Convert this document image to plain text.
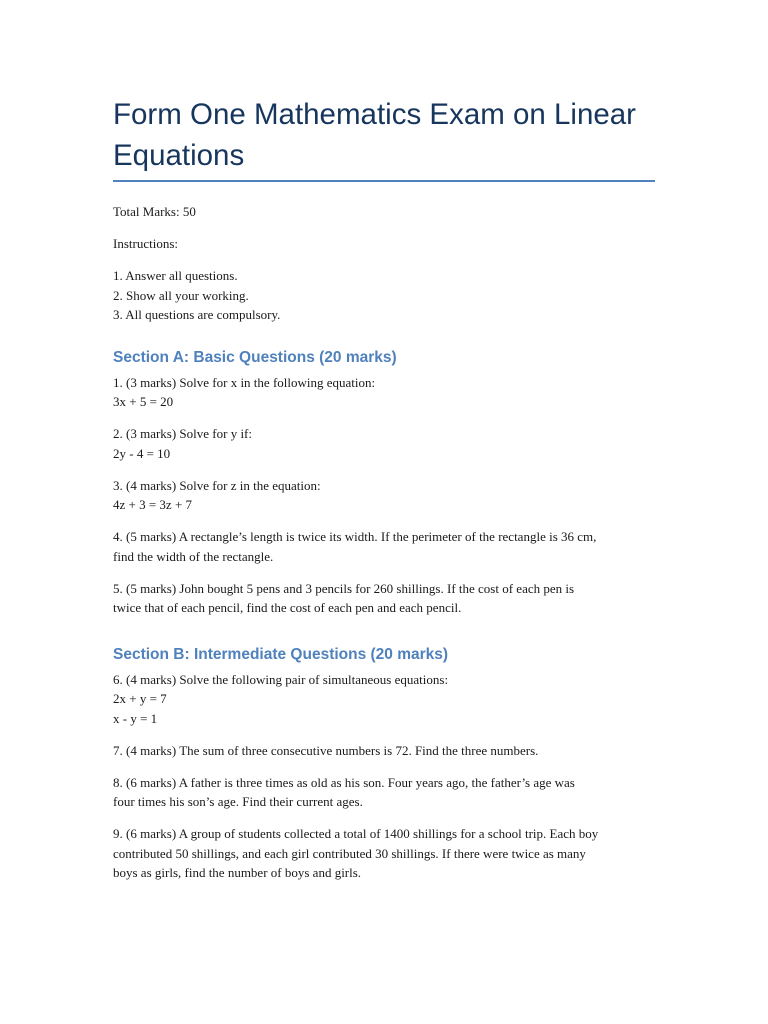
Form One Mathematics Exam on Linear Equations

Total Marks: 50

Instructions:

1. Answer all questions.
2. Show all your working.
3. All questions are compulsory.

Section A: Basic Questions (20 marks)

1. (3 marks) Solve for x in the following equation:
3x + 5 = 20

2. (3 marks) Solve for y if:
2y - 4 = 10

3. (4 marks) Solve for z in the equation:
4z + 3 = 3z + 7

4. (5 marks) A rectangle’s length is twice its width. If the perimeter of the rectangle is 36 cm,
find the width of the rectangle.

5. (5 marks) John bought 5 pens and 3 pencils for 260 shillings. If the cost of each pen is
twice that of each pencil, find the cost of each pen and each pencil.

Section B: Intermediate Questions (20 marks)

6. (4 marks) Solve the following pair of simultaneous equations:
2x + y = 7
x - y = 1

7. (4 marks) The sum of three consecutive numbers is 72. Find the three numbers.

8. (6 marks) A father is three times as old as his son. Four years ago, the father’s age was
four times his son’s age. Find their current ages.

9. (6 marks) A group of students collected a total of 1400 shillings for a school trip. Each boy
contributed 50 shillings, and each girl contributed 30 shillings. If there were twice as many
boys as girls, find the number of boys and girls.
